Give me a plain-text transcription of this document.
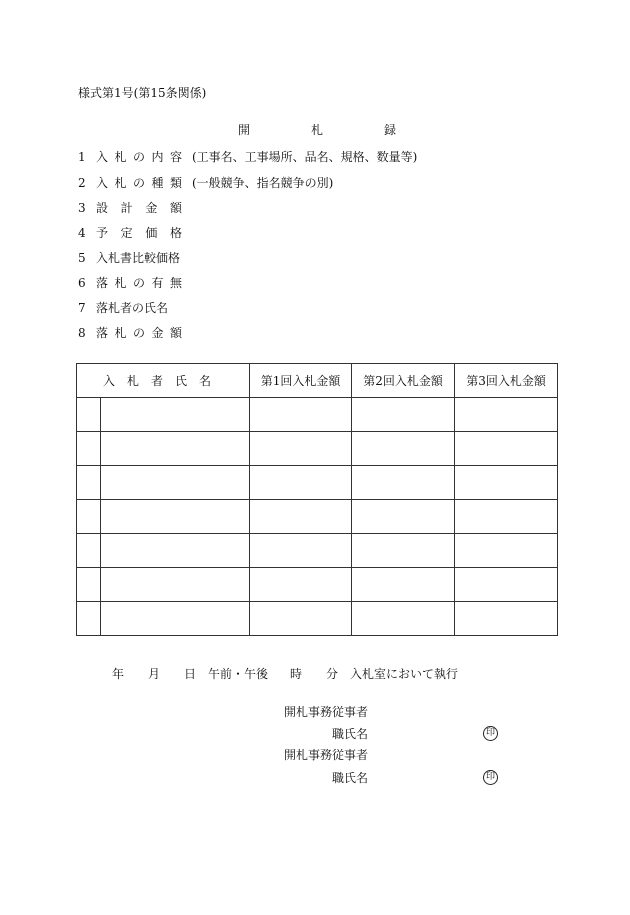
様式第1号(第15条関係)
開	札	録
1 入 札 の 内 容 (工事名、工事場所、品名、規格、数量等)
2 入 札 の 種 類 (一般競争、指名競争の別)
3 設 計 金 額
4 予 定 価 格
5 入札書比較価格
6 落 札 の 有 無
7 落札者の氏名
8 落 札 の 金 額
入札者氏名		第1回入札金額	第2回入札金額	第3回入札金額

年 月 日 午前・午後 時 分 入札室において執行
開札事務従事者
職氏名	印
開札事務従事者
職氏名	印
